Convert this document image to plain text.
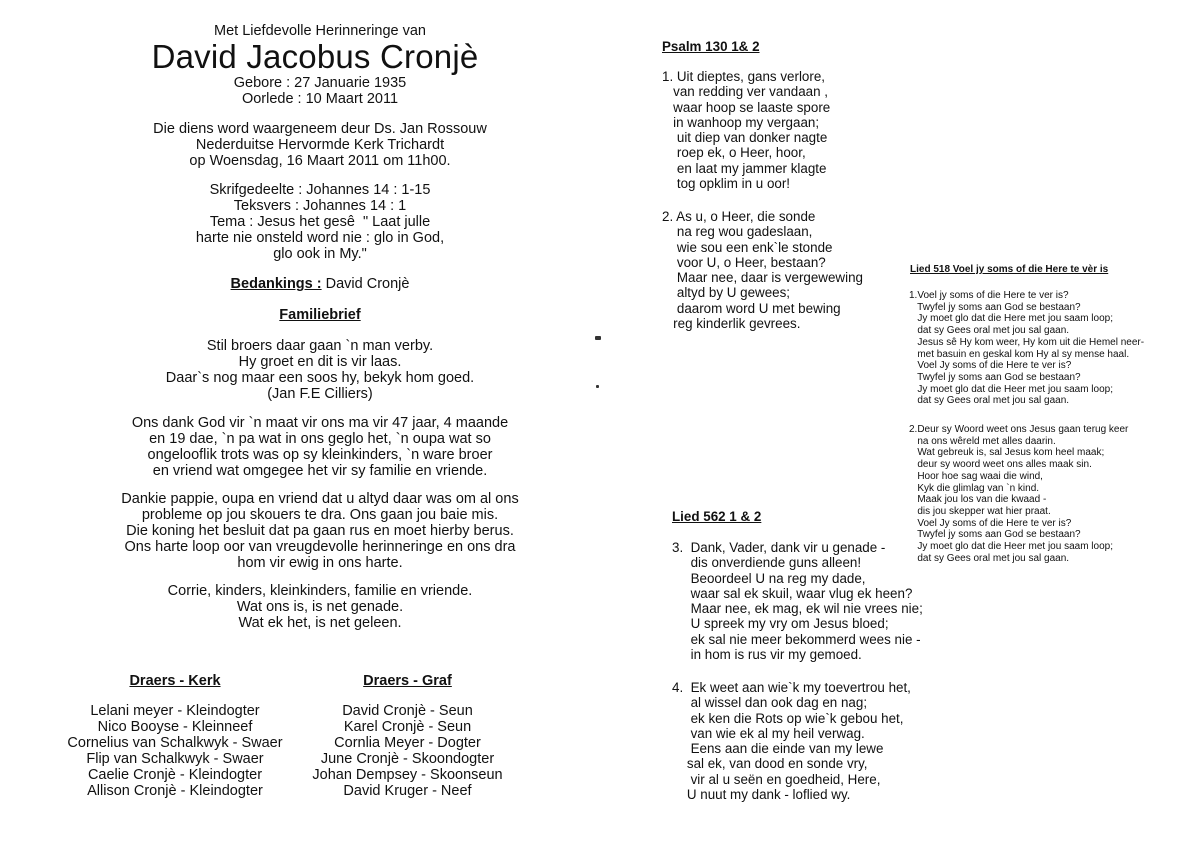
Met Liefdevolle Herinneringe van
David Jacobus Cronjè
Gebore : 27 Januarie 1935
Oorlede : 10 Maart 2011
Die diens word waargeneem deur Ds. Jan Rossouw
Nederduitse Hervormde Kerk Trichardt
op Woensdag, 16 Maart 2011 om 11h00.
Skrifgedeelte : Johannes 14 : 1-15
Teksvers : Johannes 14 : 1
Tema : Jesus het gesê  " Laat julle
harte nie onsteld word nie : glo in God,
glo ook in My."
Bedankings : David Cronjè
Familiebrief
Stil broers daar gaan `n man verby.
Hy groet en dit is vir laas.
Daar`s nog maar een soos hy, bekyk hom goed.
(Jan F.E Cilliers)
Ons dank God vir `n maat vir ons ma vir 47 jaar, 4 maande
en 19 dae, `n pa wat in ons geglo het, `n oupa wat so
ongelooflik trots was op sy kleinkinders, `n ware broer
en vriend wat omgegee het vir sy familie en vriende.
Dankie pappie, oupa en vriend dat u altyd daar was om al ons
probleme op jou skouers te dra. Ons gaan jou baie mis.
Die koning het besluit dat pa gaan rus en moet hierby berus.
Ons harte loop oor van vreugdevolle herinneringe en ons dra
hom vir ewig in ons harte.
Corrie, kinders, kleinkinders, familie en vriende.
Wat ons is, is net genade.
Wat ek het, is net geleen.
Draers - Kerk
Lelani meyer - Kleindogter
Nico Booyse - Kleinneef
Cornelius van Schalkwyk - Swaer
Flip van Schalkwyk - Swaer
Caelie Cronjè - Kleindogter
Allison Cronjè - Kleindogter
Draers - Graf
David Cronjè - Seun
Karel Cronjè - Seun
Cornlia Meyer - Dogter
June Cronjè - Skoondogter
Johan Dempsey - Skoonseun
David Kruger - Neef
Psalm 130 1& 2
1. Uit dieptes, gans verlore,
van redding ver vandaan ,
waar hoop se laaste spore
in wanhoop my vergaan;
uit diep van donker nagte
roep ek, o Heer, hoor,
en laat my jammer klagte
tog opklim in u oor!
2. As u, o Heer, die sonde
na reg wou gadeslaan,
wie sou een enk`le stonde
voor U, o Heer, bestaan?
Maar nee, daar is vergewewing
altyd by U gewees;
daarom word U met bewing
reg kinderlik gevrees.
Lied 518 Voel jy soms of die Here te vèr is
1.Voel jy soms of die Here te ver is?
Twyfel jy soms aan God se bestaan?
Jy moet glo dat die Here met jou saam loop;
dat sy Gees oral met jou sal gaan.
Jesus sê Hy kom weer, Hy kom uit die Hemel neer-
met basuin en geskal kom Hy al sy mense haal.
Voel Jy soms of die Here te ver is?
Twyfel jy soms aan God se bestaan?
Jy moet glo dat die Heer met jou saam loop;
dat sy Gees oral met jou sal gaan.
2.Deur sy Woord weet ons Jesus gaan terug keer
na ons wêreld met alles daarin.
Wat gebreuk is, sal Jesus kom heel maak;
deur sy woord weet ons alles maak sin.
Hoor hoe sag waai die wind,
Kyk die glimlag van `n kind.
Maak jou los van die kwaad -
dis jou skepper wat hier praat.
Voel Jy soms of die Here te ver is?
Twyfel jy soms aan God se bestaan?
Jy moet glo dat die Heer met jou saam loop;
dat sy Gees oral met jou sal gaan.
Lied 562 1 & 2
3.  Dank, Vader, dank vir u genade -
dis onverdiende guns alleen!
Beoordeel U na reg my dade,
waar sal ek skuil, waar vlug ek heen?
Maar nee, ek mag, ek wil nie vrees nie;
U spreek my vry om Jesus bloed;
ek sal nie meer bekommerd wees nie -
in hom is rus vir my gemoed.
4.  Ek weet aan wie`k my toevertrou het,
al wissel dan ook dag en nag;
ek ken die Rots op wie`k gebou het,
van wie ek al my heil verwag.
Eens aan die einde van my lewe
sal ek, van dood en sonde vry,
vir al u seën en goedheid, Here,
U nuut my dank - loflied wy.
